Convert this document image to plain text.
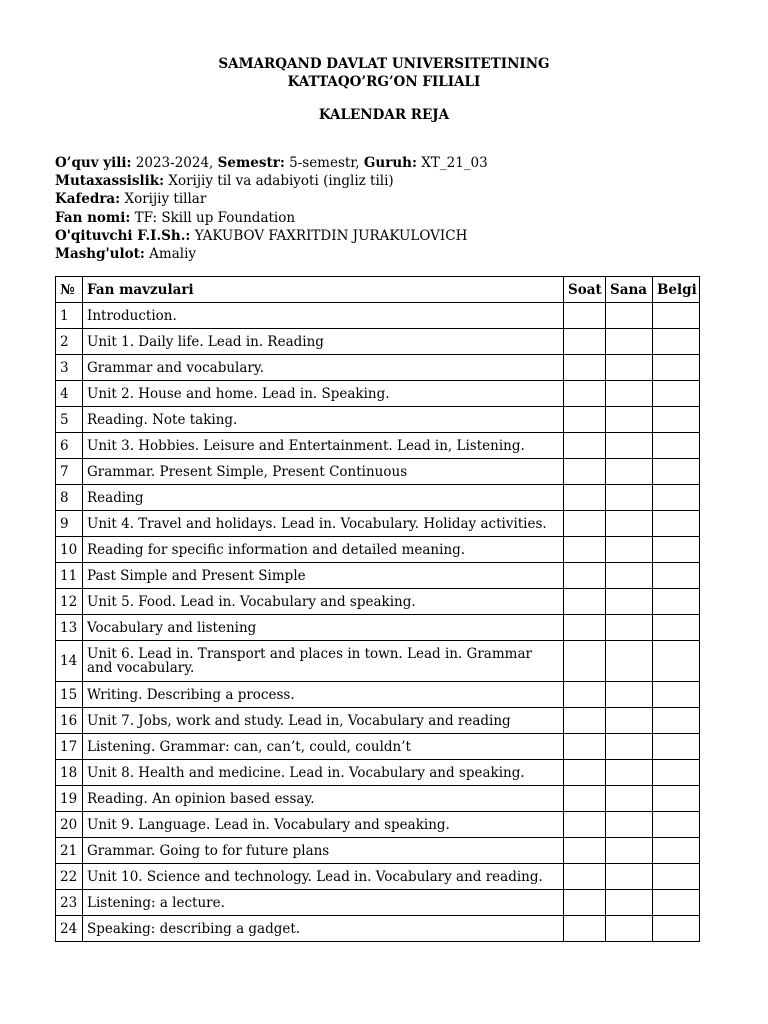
SAMARQAND DAVLAT UNIVERSITETINING
KATTAQO’RG’ON FILIALI
KALENDAR REJA
O’quv yili: 2023-2024, Semestr: 5-semestr, Guruh: XT_21_03
Mutaxassislik: Xorijiy til va adabiyoti (ingliz tili)
Kafedra: Xorijiy tillar
Fan nomi: TF: Skill up Foundation
O'qituvchi F.I.Sh.: YAKUBOV FAXRITDIN JURAKULOVICH
Mashg'ulot: Amaliy
№	Fan mavzulari	Soat	Sana	Belgi
1	Introduction.			
2	Unit 1. Daily life. Lead in. Reading			
3	Grammar and vocabulary.			
4	Unit 2. House and home. Lead in. Speaking.			
5	Reading. Note taking.			
6	Unit 3. Hobbies. Leisure and Entertainment. Lead in, Listening.			
7	Grammar. Present Simple, Present Continuous			
8	Reading			
9	Unit 4. Travel and holidays. Lead in. Vocabulary. Holiday activities.			
10	Reading for specific information and detailed meaning.			
11	Past Simple and Present Simple			
12	Unit 5. Food. Lead in. Vocabulary and speaking.			
13	Vocabulary and listening			
14	Unit 6. Lead in. Transport and places in town. Lead in. Grammar and vocabulary.			
15	Writing. Describing a process.			
16	Unit 7. Jobs, work and study. Lead in, Vocabulary and reading			
17	Listening. Grammar: can, can’t, could, couldn’t			
18	Unit 8. Health and medicine. Lead in. Vocabulary and speaking.			
19	Reading. An opinion based essay.			
20	Unit 9. Language. Lead in. Vocabulary and speaking.			
21	Grammar. Going to for future plans			
22	Unit 10. Science and technology. Lead in. Vocabulary and reading.			
23	Listening: a lecture.			
24	Speaking: describing a gadget.			
